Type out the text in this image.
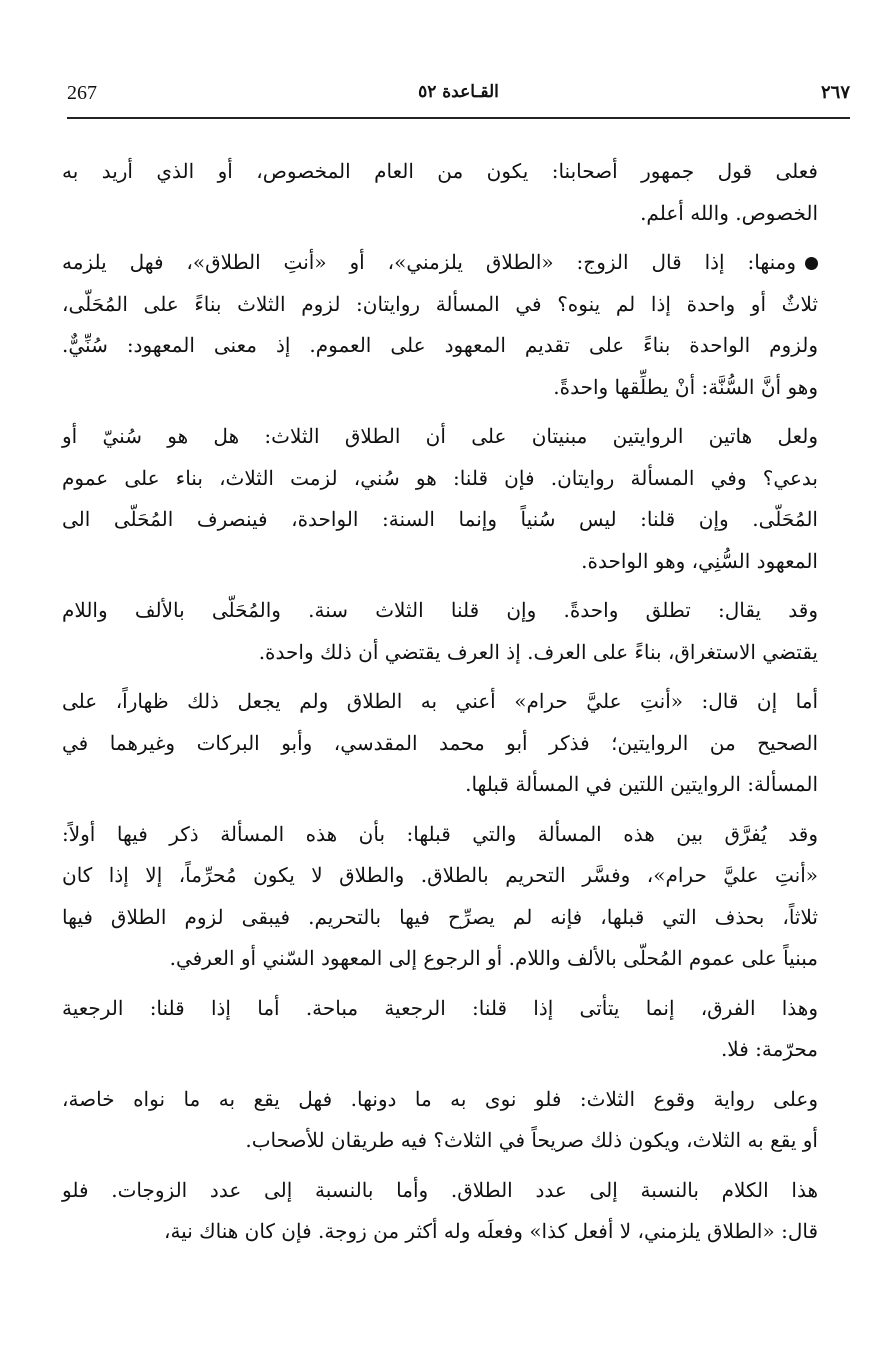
267	القـاعدة ٥٢	٢٦٧

فعلى قول جمهور أصحابنا: يكون من العام المخصوص، أو الذي أريد به

الخصوص. والله أعلم.

ومنها: إذا قال الزوج: «الطلاق يلزمني»، أو «أنتِ الطلاق»، فهل يلزمه

ثلاثٌ أو واحدة إذا لم ينوه؟ في المسألة روايتان: لزوم الثلاث بناءً على المُحَلّى،

ولزوم الواحدة بناءً على تقديم المعهود على العموم. إذ معنى المعهود: سُنِّيٌّ.

وهو أنَّ السُّنَّة: أنْ يطلِّقها واحدةً.

ولعل هاتين الروايتين مبنيتان على أن الطلاق الثلاث: هل هو سُنيّ أو

بدعي؟ وفي المسألة روايتان. فإن قلنا: هو سُني، لزمت الثلاث، بناء على عموم

المُحَلّى. وإن قلنا: ليس سُنياً وإنما السنة: الواحدة، فينصرف المُحَلّى الى

المعهود السُّنِي، وهو الواحدة.

وقد يقال: تطلق واحدةً. وإن قلنا الثلاث سنة. والمُحَلّى بالألف واللام

يقتضي الاستغراق، بناءً على العرف. إذ العرف يقتضي أن ذلك واحدة.

أما إن قال: «أنتِ عليَّ حرام» أعني به الطلاق ولم يجعل ذلك ظهاراً، على

الصحيح من الروايتين؛ فذكر أبو محمد المقدسي، وأبو البركات وغيرهما في

المسألة: الروايتين اللتين في المسألة قبلها.

وقد يُفرَّق بين هذه المسألة والتي قبلها: بأن هذه المسألة ذكر فيها أولاً:

«أنتِ عليَّ حرام»، وفسَّر التحريم بالطلاق. والطلاق لا يكون مُحرِّماً، إلا إذا كان

ثلاثاً، بحذف التي قبلها، فإنه لم يصرِّح فيها بالتحريم. فيبقى لزوم الطلاق فيها

مبنياً على عموم المُحلّى بالألف واللام. أو الرجوع إلى المعهود السّني أو العرفي.

وهذا الفرق، إنما يتأتى إذا قلنا: الرجعية مباحة. أما إذا قلنا: الرجعية

محرّمة: فلا.

وعلى رواية وقوع الثلاث: فلو نوى به ما دونها. فهل يقع به ما نواه خاصة،

أو يقع به الثلاث، ويكون ذلك صريحاً في الثلاث؟ فيه طريقان للأصحاب.

هذا الكلام بالنسبة إلى عدد الطلاق. وأما بالنسبة إلى عدد الزوجات. فلو

قال: «الطلاق يلزمني، لا أفعل كذا» وفعلَه وله أكثر من زوجة. فإن كان هناك نية،
